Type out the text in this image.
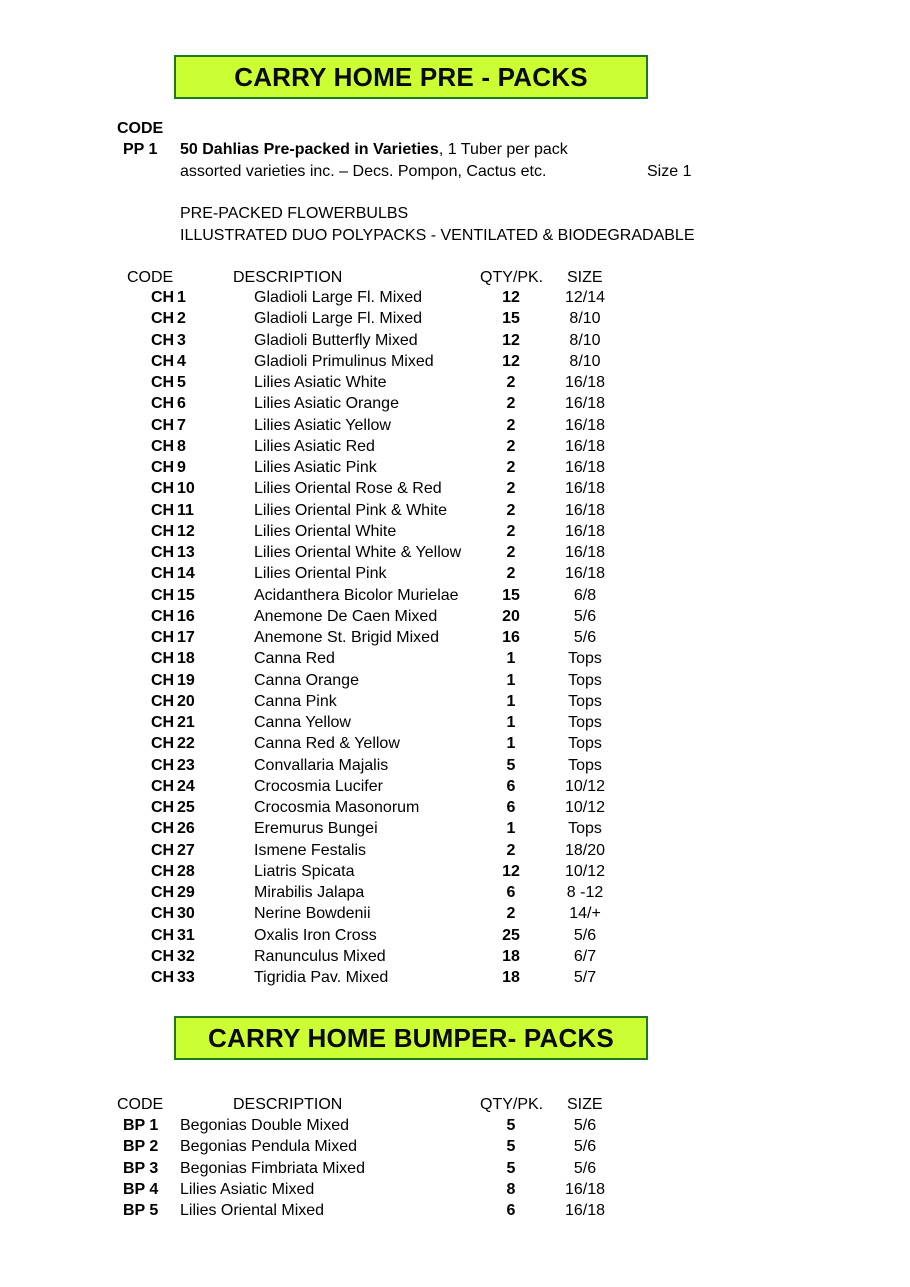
CARRY HOME PRE - PACKS
CODE
PP 1 50 Dahlias Pre-packed in Varieties, 1 Tuber per pack
assorted varieties inc. – Decs. Pompon, Cactus etc.	Size 1
PRE-PACKED FLOWERBULBS
ILLUSTRATED DUO POLYPACKS - VENTILATED & BIODEGRADABLE
CODE	DESCRIPTION	QTY/PK. SIZE
CH 1	Gladioli Large Fl. Mixed	12	12/14
CH 2	Gladioli Large Fl. Mixed	15	8/10
CH 3	Gladioli Butterfly Mixed	12	8/10
CH 4	Gladioli Primulinus Mixed	12	8/10
CH 5	Lilies Asiatic White	2	16/18
CH 6	Lilies Asiatic Orange	2	16/18
CH 7	Lilies Asiatic Yellow	2	16/18
CH 8	Lilies Asiatic Red	2	16/18
CH 9	Lilies Asiatic Pink	2	16/18
CH 10	Lilies Oriental Rose & Red	2	16/18
CH 11	Lilies Oriental Pink & White	2	16/18
CH 12	Lilies Oriental White	2	16/18
CH 13	Lilies Oriental White & Yellow	2	16/18
CH 14	Lilies Oriental Pink	2	16/18
CH 15	Acidanthera Bicolor Murielae	15	6/8
CH 16	Anemone De Caen Mixed	20	5/6
CH 17	Anemone St. Brigid Mixed	16	5/6
CH 18	Canna Red	1	Tops
CH 19	Canna Orange	1	Tops
CH 20	Canna Pink	1	Tops
CH 21	Canna Yellow	1	Tops
CH 22	Canna Red & Yellow	1	Tops
CH 23	Convallaria Majalis	5	Tops
CH 24	Crocosmia Lucifer	6	10/12
CH 25	Crocosmia Masonorum	6	10/12
CH 26	Eremurus Bungei	1	Tops
CH 27	Ismene Festalis	2	18/20
CH 28	Liatris Spicata	12	10/12
CH 29	Mirabilis Jalapa	6	8 -12
CH 30	Nerine Bowdenii	2	14/+
CH 31	Oxalis Iron Cross	25	5/6
CH 32	Ranunculus Mixed	18	6/7
CH 33	Tigridia Pav. Mixed	18	5/7
CARRY HOME BUMPER- PACKS
CODE	DESCRIPTION	QTY/PK. SIZE
BP 1 Begonias Double Mixed	5	5/6
BP 2 Begonias Pendula Mixed	5	5/6
BP 3 Begonias Fimbriata Mixed	5	5/6
BP 4 Lilies Asiatic Mixed	8	16/18
BP 5 Lilies Oriental Mixed	6	16/18
